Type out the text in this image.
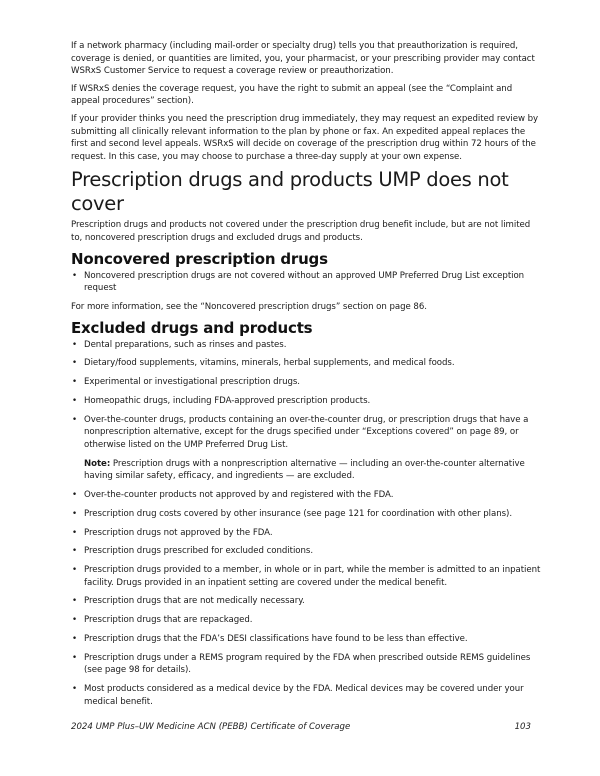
If a network pharmacy (including mail-order or specialty drug) tells you that preauthorization is required, coverage is denied, or quantities are limited, you, your pharmacist, or your prescribing provider may contact WSRxS Customer Service to request a coverage review or preauthorization.

If WSRxS denies the coverage request, you have the right to submit an appeal (see the “Complaint and appeal procedures” section).

If your provider thinks you need the prescription drug immediately, they may request an expedited review by submitting all clinically relevant information to the plan by phone or fax. An expedited appeal replaces the first and second level appeals. WSRxS will decide on coverage of the prescription drug within 72 hours of the request. In this case, you may choose to purchase a three-day supply at your own expense.

Prescription drugs and products UMP does not cover

Prescription drugs and products not covered under the prescription drug benefit include, but are not limited to, noncovered prescription drugs and excluded drugs and products.

Noncovered prescription drugs
• Noncovered prescription drugs are not covered without an approved UMP Preferred Drug List exception request

For more information, see the “Noncovered prescription drugs” section on page 86.

Excluded drugs and products
• Dental preparations, such as rinses and pastes.
• Dietary/food supplements, vitamins, minerals, herbal supplements, and medical foods.
• Experimental or investigational prescription drugs.
• Homeopathic drugs, including FDA-approved prescription products.
• Over-the-counter drugs, products containing an over-the-counter drug, or prescription drugs that have a nonprescription alternative, except for the drugs specified under “Exceptions covered” on page 89, or otherwise listed on the UMP Preferred Drug List.

Note: Prescription drugs with a nonprescription alternative — including an over-the-counter alternative having similar safety, efficacy, and ingredients — are excluded.

• Over-the-counter products not approved by and registered with the FDA.
• Prescription drug costs covered by other insurance (see page 121 for coordination with other plans).
• Prescription drugs not approved by the FDA.
• Prescription drugs prescribed for excluded conditions.
• Prescription drugs provided to a member, in whole or in part, while the member is admitted to an inpatient facility. Drugs provided in an inpatient setting are covered under the medical benefit.
• Prescription drugs that are not medically necessary.
• Prescription drugs that are repackaged.
• Prescription drugs that the FDA’s DESI classifications have found to be less than effective.
• Prescription drugs under a REMS program required by the FDA when prescribed outside REMS guidelines (see page 98 for details).
• Most products considered as a medical device by the FDA. Medical devices may be covered under your medical benefit.
2024 UMP Plus–UW Medicine ACN (PEBB) Certificate of Coverage	103
